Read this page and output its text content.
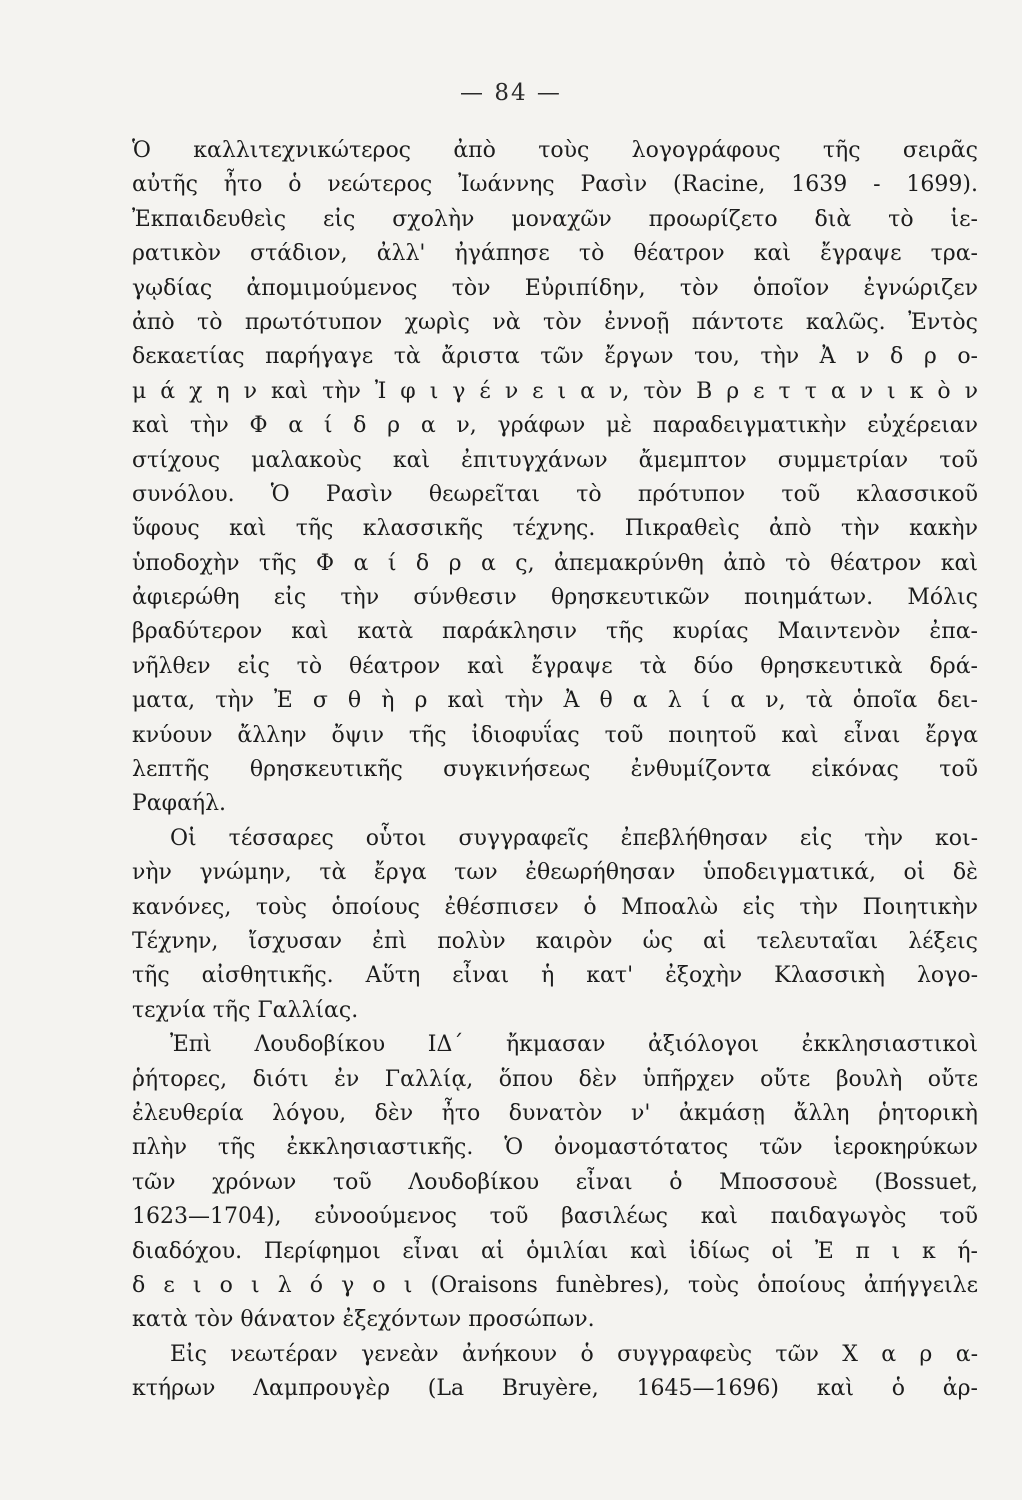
— 84 —
Ὁ καλλιτεχνικώτερος ἀπὸ τοὺς λογογράφους τῆς σειρᾶς
αὐτῆς ἦτο ὁ νεώτερος Ἰωάννης Ρασὶν (Racine, 1639 - 1699).
Ἐκπαιδευθεὶς εἰς σχολὴν μοναχῶν προωρίζετο διὰ τὸ ἱε-
ρατικὸν στάδιον, ἀλλ' ἠγάπησε τὸ θέατρον καὶ ἔγραψε τρα-
γῳδίας ἀπομιμούμενος τὸν Εὐριπίδην, τὸν ὁποῖον ἐγνώριζεν
ἀπὸ τὸ πρωτότυπον χωρὶς νὰ τὸν ἐννοῇ πάντοτε καλῶς. Ἐντὸς
δεκαετίας παρήγαγε τὰ ἄριστα τῶν ἔργων του, τὴν Ἀ ν δ ρ ο-
μ ά χ η ν καὶ τὴν Ἰ φ ι γ έ ν ε ι α ν, τὸν Β ρ ε τ τ α ν ι κ ὸ ν
καὶ τὴν Φ α ί δ ρ α ν, γράφων μὲ παραδειγματικὴν εὐχέρειαν
στίχους μαλακοὺς καὶ ἐπιτυγχάνων ἄμεμπτον συμμετρίαν τοῦ
συνόλου. Ὁ Ρασὶν θεωρεῖται τὸ πρότυπον τοῦ κλασσικοῦ
ὕφους καὶ τῆς κλασσικῆς τέχνης. Πικραθεὶς ἀπὸ τὴν κακὴν
ὑποδοχὴν τῆς Φ α ί δ ρ α ς, ἀπεμακρύνθη ἀπὸ τὸ θέατρον καὶ
ἀφιερώθη εἰς τὴν σύνθεσιν θρησκευτικῶν ποιημάτων. Μόλις
βραδύτερον καὶ κατὰ παράκλησιν τῆς κυρίας Μαιντενὸν ἐπα-
νῆλθεν εἰς τὸ θέατρον καὶ ἔγραψε τὰ δύο θρησκευτικὰ δρά-
ματα, τὴν Ἐ σ θ ὴ ρ καὶ τὴν Ἀ θ α λ ί α ν, τὰ ὁποῖα δει-
κνύουν ἄλλην ὄψιν τῆς ἰδιοφυΐας τοῦ ποιητοῦ καὶ εἶναι ἔργα
λεπτῆς θρησκευτικῆς συγκινήσεως ἐνθυμίζοντα εἰκόνας τοῦ
Ραφαήλ.
Οἱ τέσσαρες οὗτοι συγγραφεῖς ἐπεβλήθησαν εἰς τὴν κοι-
νὴν γνώμην, τὰ ἔργα των ἐθεωρήθησαν ὑποδειγματικά, οἱ δὲ
κανόνες, τοὺς ὁποίους ἐθέσπισεν ὁ Μποαλὼ εἰς τὴν Ποιητικὴν
Τέχνην, ἴσχυσαν ἐπὶ πολὺν καιρὸν ὡς αἱ τελευταῖαι λέξεις
τῆς αἰσθητικῆς. Αὕτη εἶναι ἡ κατ' ἐξοχὴν Κλασσικὴ λογο-
τεχνία τῆς Γαλλίας.
Ἐπὶ Λουδοβίκου ΙΔ΄ ἤκμασαν ἀξιόλογοι ἐκκλησιαστικοὶ
ῥήτορες, διότι ἐν Γαλλίᾳ, ὅπου δὲν ὑπῆρχεν οὔτε βουλὴ οὔτε
ἐλευθερία λόγου, δὲν ἦτο δυνατὸν ν' ἀκμάσῃ ἄλλη ῥητορικὴ
πλὴν τῆς ἐκκλησιαστικῆς. Ὁ ὀνομαστότατος τῶν ἱεροκηρύκων
τῶν χρόνων τοῦ Λουδοβίκου εἶναι ὁ Μποσσουὲ (Bossuet,
1623—1704), εὐνοούμενος τοῦ βασιλέως καὶ παιδαγωγὸς τοῦ
διαδόχου. Περίφημοι εἶναι αἱ ὁμιλίαι καὶ ἰδίως οἱ Ἐ π ι κ ή-
δ ε ι ο ι λ ό γ ο ι (Oraisons funèbres), τοὺς ὁποίους ἀπήγγειλε
κατὰ τὸν θάνατον ἐξεχόντων προσώπων.
Εἰς νεωτέραν γενεὰν ἀνήκουν ὁ συγγραφεὺς τῶν Χ α ρ α-
κτήρων Λαμπρουγὲρ (La Bruyère, 1645—1696) καὶ ὁ ἀρ-
